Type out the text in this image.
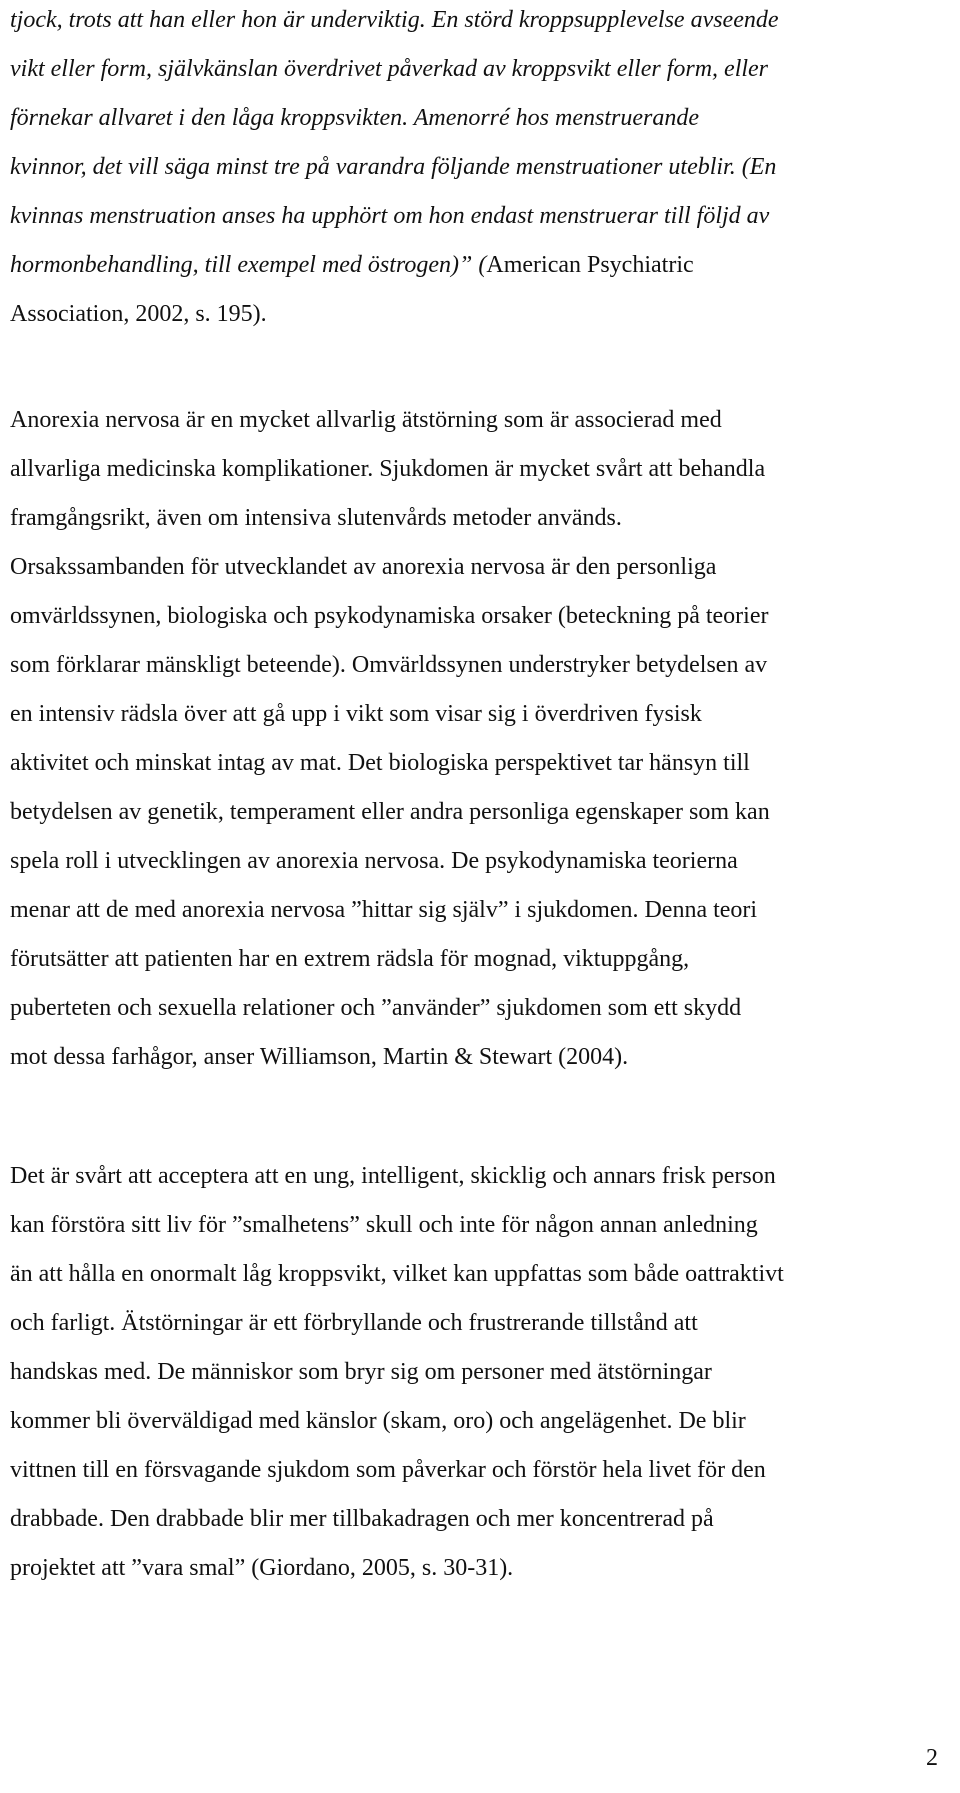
tjock, trots att han eller hon är underviktig. En störd kroppsupplevelse avseende
vikt eller form, självkänslan överdrivet påverkad av kroppsvikt eller form, eller
förnekar allvaret i den låga kroppsvikten. Amenorré hos menstruerande
kvinnor, det vill säga minst tre på varandra följande menstruationer uteblir. (En
kvinnas menstruation anses ha upphört om hon endast menstruerar till följd av
hormonbehandling, till exempel med östrogen)” (American Psychiatric
Association, 2002, s. 195).

Anorexia nervosa är en mycket allvarlig ätstörning som är associerad med
allvarliga medicinska komplikationer. Sjukdomen är mycket svårt att behandla
framgångsrikt, även om intensiva slutenvårds metoder används.
Orsakssambanden för utvecklandet av anorexia nervosa är den personliga
omvärldssynen, biologiska och psykodynamiska orsaker (beteckning på teorier
som förklarar mänskligt beteende). Omvärldssynen understryker betydelsen av
en intensiv rädsla över att gå upp i vikt som visar sig i överdriven fysisk
aktivitet och minskat intag av mat. Det biologiska perspektivet tar hänsyn till
betydelsen av genetik, temperament eller andra personliga egenskaper som kan
spela roll i utvecklingen av anorexia nervosa. De psykodynamiska teorierna
menar att de med anorexia nervosa ”hittar sig själv” i sjukdomen. Denna teori
förutsätter att patienten har en extrem rädsla för mognad, viktuppgång,
puberteten och sexuella relationer och ”använder” sjukdomen som ett skydd
mot dessa farhågor, anser Williamson, Martin & Stewart (2004).

Det är svårt att acceptera att en ung, intelligent, skicklig och annars frisk person
kan förstöra sitt liv för ”smalhetens” skull och inte för någon annan anledning
än att hålla en onormalt låg kroppsvikt, vilket kan uppfattas som både oattraktivt
och farligt. Ätstörningar är ett förbryllande och frustrerande tillstånd att
handskas med. De människor som bryr sig om personer med ätstörningar
kommer bli överväldigad med känslor (skam, oro) och angelägenhet. De blir
vittnen till en försvagande sjukdom som påverkar och förstör hela livet för den
drabbade. Den drabbade blir mer tillbakadragen och mer koncentrerad på
projektet att ”vara smal” (Giordano, 2005, s. 30-31).

2
